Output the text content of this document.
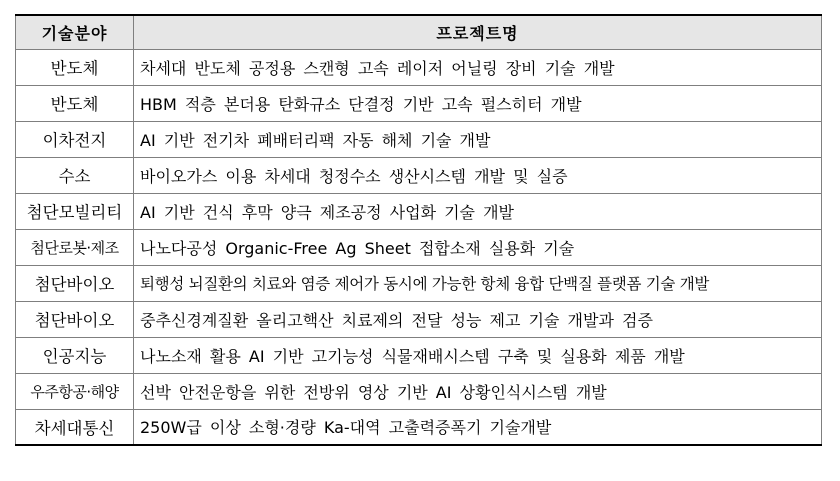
기술분야	프로젝트명
반도체	차세대 반도체 공정용 스캔형 고속 레이저 어닐링 장비 기술 개발
반도체	HBM 적층 본더용 탄화규소 단결정 기반 고속 펄스히터 개발
이차전지	AI 기반 전기차 폐배터리팩 자동 해체 기술 개발
수소	바이오가스 이용 차세대 청정수소 생산시스템 개발 및 실증
첨단모빌리티	AI 기반 건식 후막 양극 제조공정 사업화 기술 개발
첨단로봇·제조	나노다공성 Organic-Free Ag Sheet 접합소재 실용화 기술
첨단바이오	퇴행성 뇌질환의 치료와 염증 제어가 동시에 가능한 항체 융합 단백질 플랫폼 기술 개발
첨단바이오	중추신경계질환 올리고핵산 치료제의 전달 성능 제고 기술 개발과 검증
인공지능	나노소재 활용 AI 기반 고기능성 식물재배시스템 구축 및 실용화 제품 개발
우주항공·해양	선박 안전운항을 위한 전방위 영상 기반 AI 상황인식시스템 개발
차세대통신	250W급 이상 소형·경량 Ka-대역 고출력증폭기 기술개발
